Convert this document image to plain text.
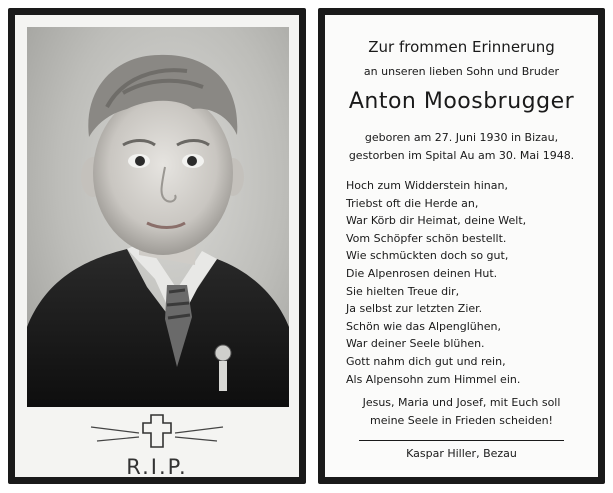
R.I.P.
Zur frommen Erinnerung
an unseren lieben Sohn und Bruder
Anton Moosbrugger
geboren am 27. Juni 1930 in Bizau,
gestorben im Spital Au am 30. Mai 1948.
Hoch zum Widderstein hinan,
Triebst oft die Herde an,
War Körb dir Heimat, deine Welt,
Vom Schöpfer schön bestellt.
Wie schmückten doch so gut,
Die Alpenrosen deinen Hut.
Sie hielten Treue dir,
Ja selbst zur letzten Zier.
Schön wie das Alpenglühen,
War deiner Seele blühen.
Gott nahm dich gut und rein,
Als Alpensohn zum Himmel ein.
Jesus, Maria und Josef, mit Euch soll
meine Seele in Frieden scheiden!
Kaspar Hiller, Bezau
